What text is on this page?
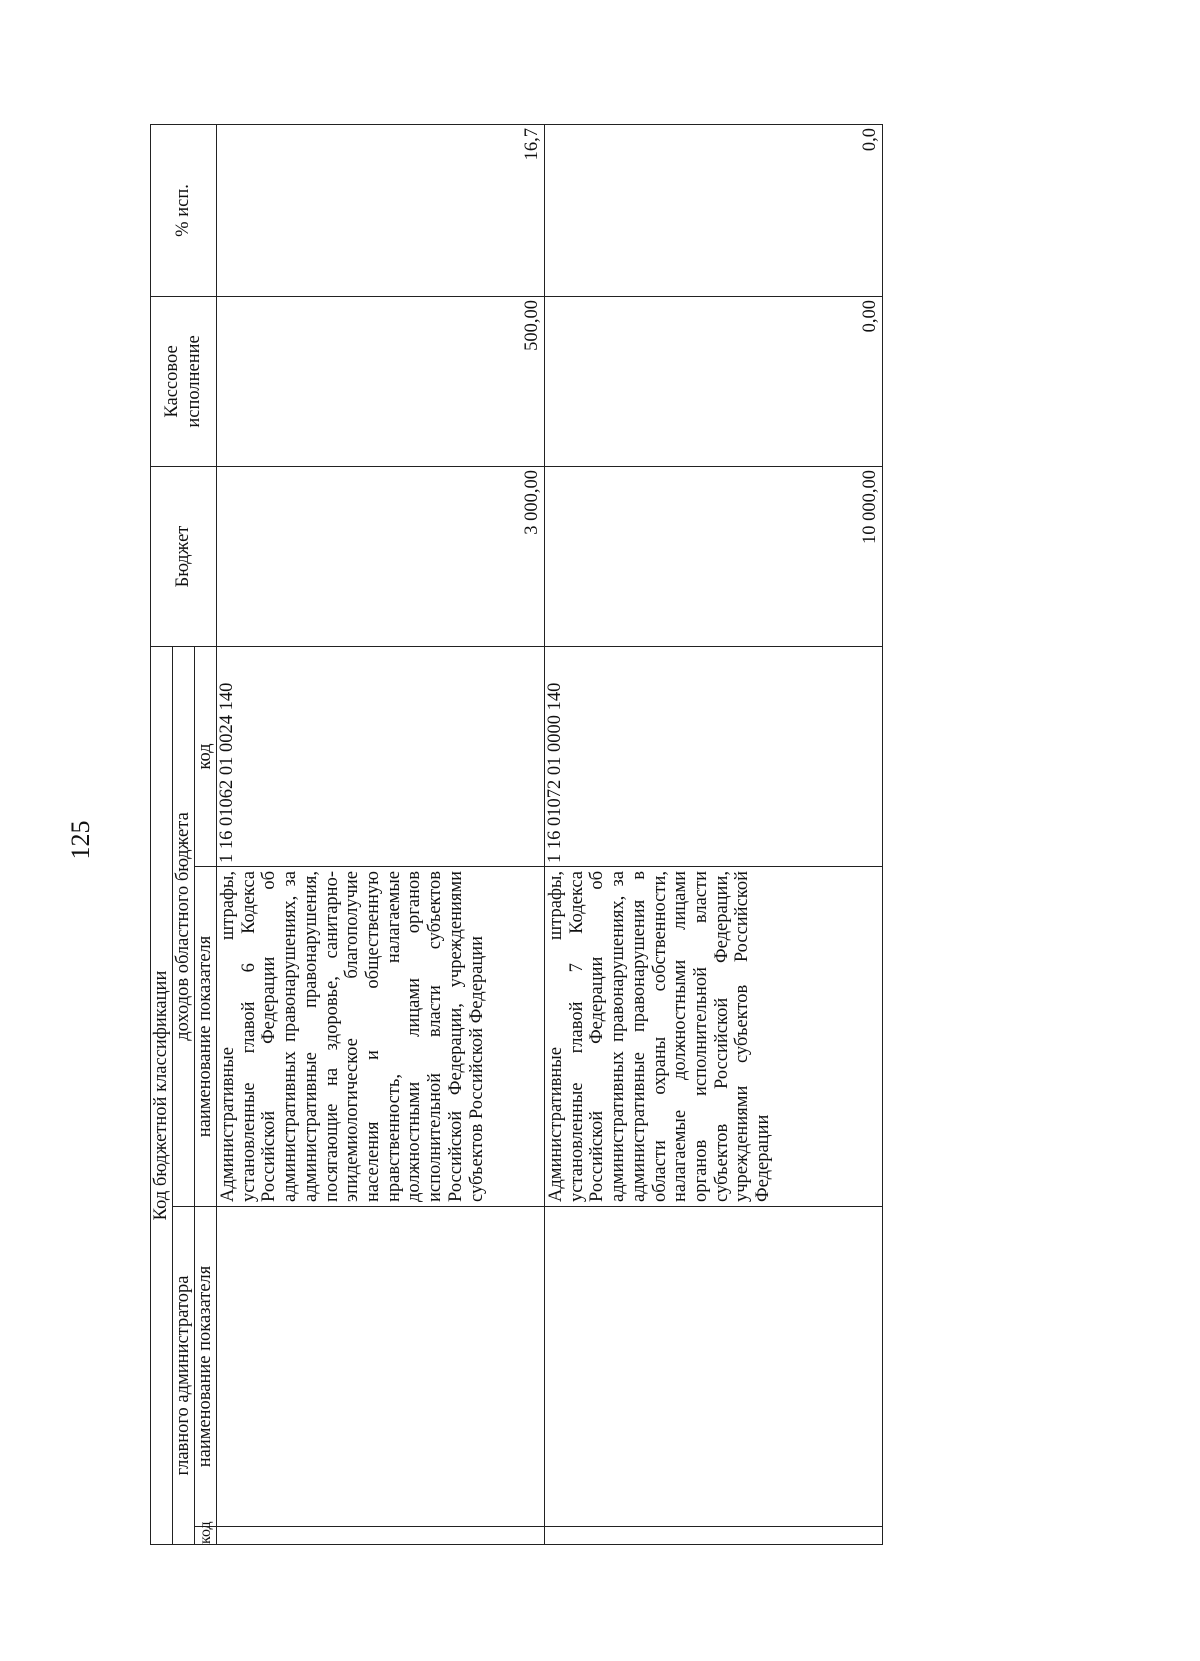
125
Код бюджетной классификации				Бюджет	Кассовое исполнение	% исп.
главного администратора		доходов областного бюджета				
код	наименование показателя	наименование показателя	код			
		Административные штрафы, установленные главой 6 Кодекса Российской Федерации об административных правонарушениях, за административные правонарушения, посягающие на здоровье, санитарно-эпидемиологическое благополучие населения и общественную нравственность, налагаемые должностными лицами органов исполнительной власти субъектов Российской Федерации, учреждениями субъектов Российской Федерации	1 16 01062 01 0024 140	3 000,00	500,00	16,7
		Административные штрафы, установленные главой 7 Кодекса Российской Федерации об административных правонарушениях, за административные правонарушения в области охраны собственности, налагаемые должностными лицами органов исполнительной власти субъектов Российской Федерации, учреждениями субъектов Российской Федерации	1 16 01072 01 0000 140	10 000,00	0,00	0,0
